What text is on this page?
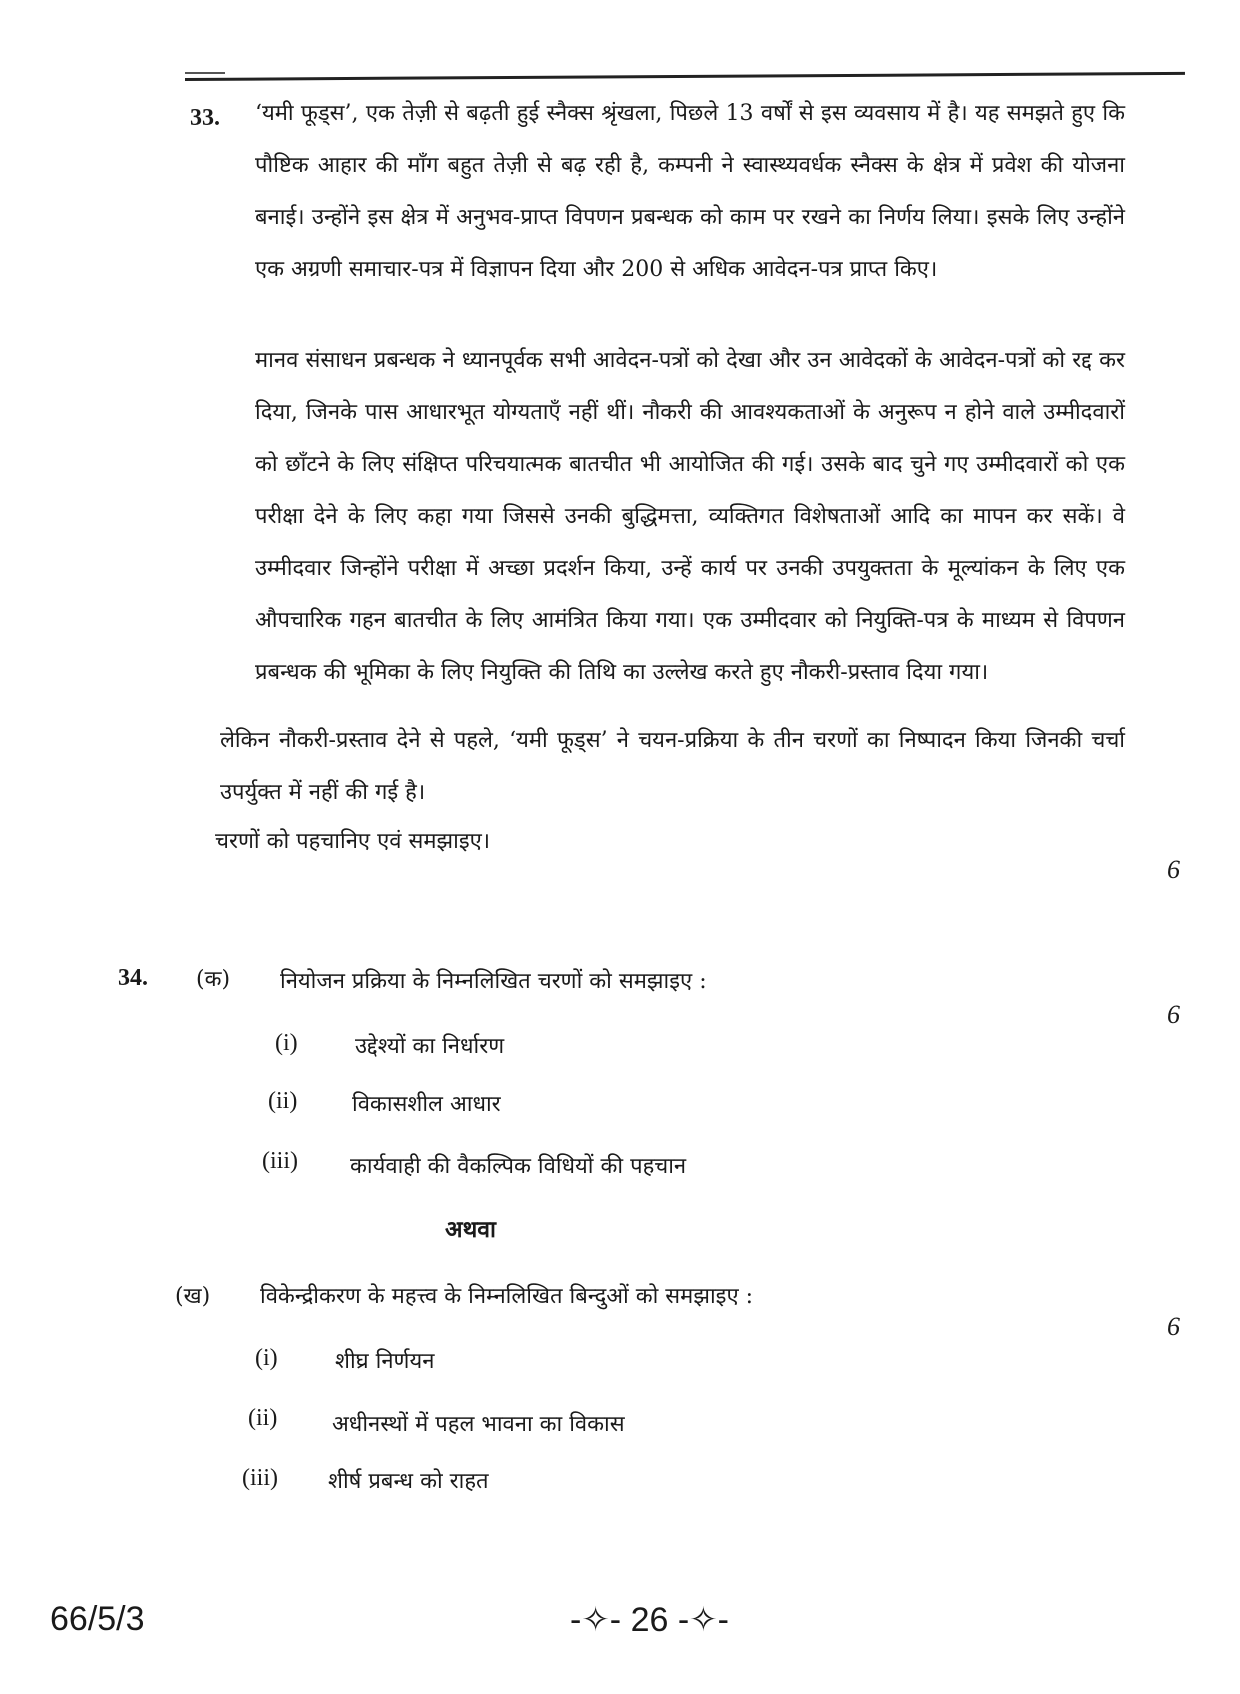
33. ‘यमी फूड्स’, एक तेज़ी से बढ़ती हुई स्नैक्स श्रृंखला, पिछले 13 वर्षों से इस व्यवसाय में है। यह समझते हुए कि पौष्टिक आहार की माँग बहुत तेज़ी से बढ़ रही है, कम्पनी ने स्वास्थ्यवर्धक स्नैक्स के क्षेत्र में प्रवेश की योजना बनाई। उन्होंने इस क्षेत्र में अनुभव-प्राप्त विपणन प्रबन्धक को काम पर रखने का निर्णय लिया। इसके लिए उन्होंने एक अग्रणी समाचार-पत्र में विज्ञापन दिया और 200 से अधिक आवेदन-पत्र प्राप्त किए।

मानव संसाधन प्रबन्धक ने ध्यानपूर्वक सभी आवेदन-पत्रों को देखा और उन आवेदकों के आवेदन-पत्रों को रद्द कर दिया, जिनके पास आधारभूत योग्यताएँ नहीं थीं। नौकरी की आवश्यकताओं के अनुरूप न होने वाले उम्मीदवारों को छाँटने के लिए संक्षिप्त परिचयात्मक बातचीत भी आयोजित की गई। उसके बाद चुने गए उम्मीदवारों को एक परीक्षा देने के लिए कहा गया जिससे उनकी बुद्धिमत्ता, व्यक्तिगत विशेषताओं आदि का मापन कर सकें। वे उम्मीदवार जिन्होंने परीक्षा में अच्छा प्रदर्शन किया, उन्हें कार्य पर उनकी उपयुक्तता के मूल्यांकन के लिए एक औपचारिक गहन बातचीत के लिए आमंत्रित किया गया। एक उम्मीदवार को नियुक्ति-पत्र के माध्यम से विपणन प्रबन्धक की भूमिका के लिए नियुक्ति की तिथि का उल्लेख करते हुए नौकरी-प्रस्ताव दिया गया।

लेकिन नौकरी-प्रस्ताव देने से पहले, ‘यमी फूड्स’ ने चयन-प्रक्रिया के तीन चरणों का निष्पादन किया जिनकी चर्चा उपर्युक्त में नहीं की गई है।

चरणों को पहचानिए एवं समझाइए।
6
34. (क) नियोजन प्रक्रिया के निम्नलिखित चरणों को समझाइए :
6
(i)	उद्देश्यों का निर्धारण
(ii) विकासशील आधार
(iii) कार्यवाही की वैकल्पिक विधियों की पहचान
अथवा
(ख) विकेन्द्रीकरण के महत्त्व के निम्नलिखित बिन्दुओं को समझाइए :
6
(i)	शीघ्र निर्णयन
(ii) अधीनस्थों में पहल भावना का विकास
(iii) शीर्ष प्रबन्ध को राहत
66/5/3	-✧- 26 -✧-
